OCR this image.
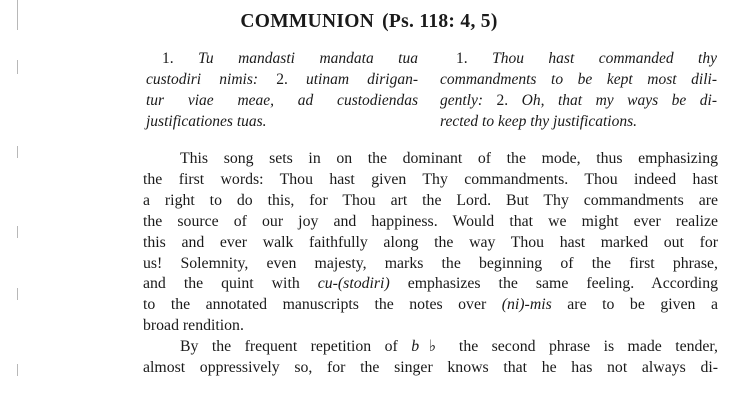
COMMUNION (Ps. 118: 4, 5)
1. Tu mandasti mandata tua
custodiri nimis: 2. utinam dirigan-
tur viae meae, ad custodiendas
justificationes tuas.
1. Thou hast commanded thy
commandments to be kept most dili-
gently: 2. Oh, that my ways be di-
rected to keep thy justifications.
This song sets in on the dominant of the mode, thus emphasizing
the first words: Thou hast given Thy commandments. Thou indeed hast
a right to do this, for Thou art the Lord. But Thy commandments are
the source of our joy and happiness. Would that we might ever realize
this and ever walk faithfully along the way Thou hast marked out for
us! Solemnity, even majesty, marks the beginning of the first phrase,
and the quint with cu-(stodiri) emphasizes the same feeling. According
to the annotated manuscripts the notes over (ni)-mis are to be given a
broad rendition.
By the frequent repetition of b♭ the second phrase is made tender,
almost oppressively so, for the singer knows that he has not always di-
